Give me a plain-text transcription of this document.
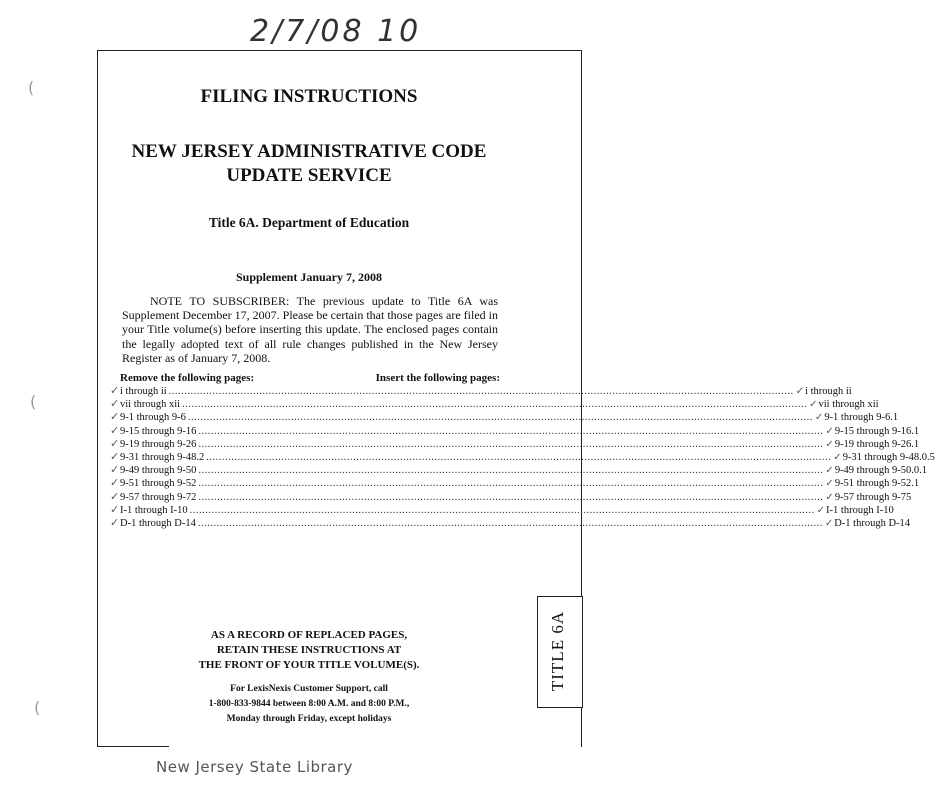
2/7/08 10
(
(
(
TITLE 6A
FILING INSTRUCTIONS
NEW JERSEY ADMINISTRATIVE CODE
UPDATE SERVICE
Title 6A. Department of Education
Supplement January 7, 2008
NOTE TO SUBSCRIBER: The previous update to Title 6A was Supplement December 17, 2007. Please be certain that those pages are filed in your Title volume(s) before inserting this update. The enclosed pages contain the legally adopted text of all rule changes published in the New Jersey Register as of January 7, 2008.
Remove the following pages:	Insert the following pages:
✓ i through ii ........................................................................................................................................................................................................ ✓ i through ii
✓ vii through xii ........................................................................................................................................................................................................ ✓ vii through xii
✓ 9-1 through 9-6 ........................................................................................................................................................................................................ ✓ 9-1 through 9-6.1
✓ 9-15 through 9-16 ........................................................................................................................................................................................................ ✓ 9-15 through 9-16.1
✓ 9-19 through 9-26 ........................................................................................................................................................................................................ ✓ 9-19 through 9-26.1
✓ 9-31 through 9-48.2 ........................................................................................................................................................................................................ ✓ 9-31 through 9-48.0.5
✓ 9-49 through 9-50 ........................................................................................................................................................................................................ ✓ 9-49 through 9-50.0.1
✓ 9-51 through 9-52 ........................................................................................................................................................................................................ ✓ 9-51 through 9-52.1
✓ 9-57 through 9-72 ........................................................................................................................................................................................................ ✓ 9-57 through 9-75
✓ I-1 through I-10 ........................................................................................................................................................................................................ ✓ I-1 through I-10
✓ D-1 through D-14 ........................................................................................................................................................................................................ ✓ D-1 through D-14
AS A RECORD OF REPLACED PAGES,
RETAIN THESE INSTRUCTIONS AT
THE FRONT OF YOUR TITLE VOLUME(S).
For LexisNexis Customer Support, call
1-800-833-9844 between 8:00 A.M. and 8:00 P.M.,
Monday through Friday, except holidays
New Jersey State Library
